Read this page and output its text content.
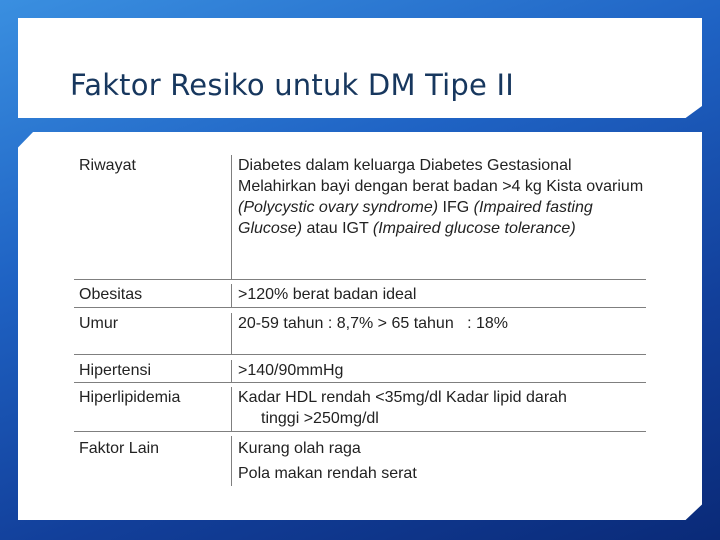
Faktor Resiko untuk DM Tipe II
Riwayat	Diabetes dalam keluarga Diabetes Gestasional Melahirkan bayi dengan berat badan >4 kg Kista ovarium (Polycystic ovary syndrome) IFG (Impaired fasting Glucose) atau IGT (Impaired glucose tolerance)
Obesitas	>120% berat badan ideal
Umur	20-59 tahun : 8,7% > 65 tahun   : 18%
Hipertensi	>140/90mmHg
Hiperlipidemia	Kadar HDL rendah <35mg/dl Kadar lipid darah
tinggi >250mg/dl
Faktor Lain	Kurang olah raga
Pola makan rendah serat
